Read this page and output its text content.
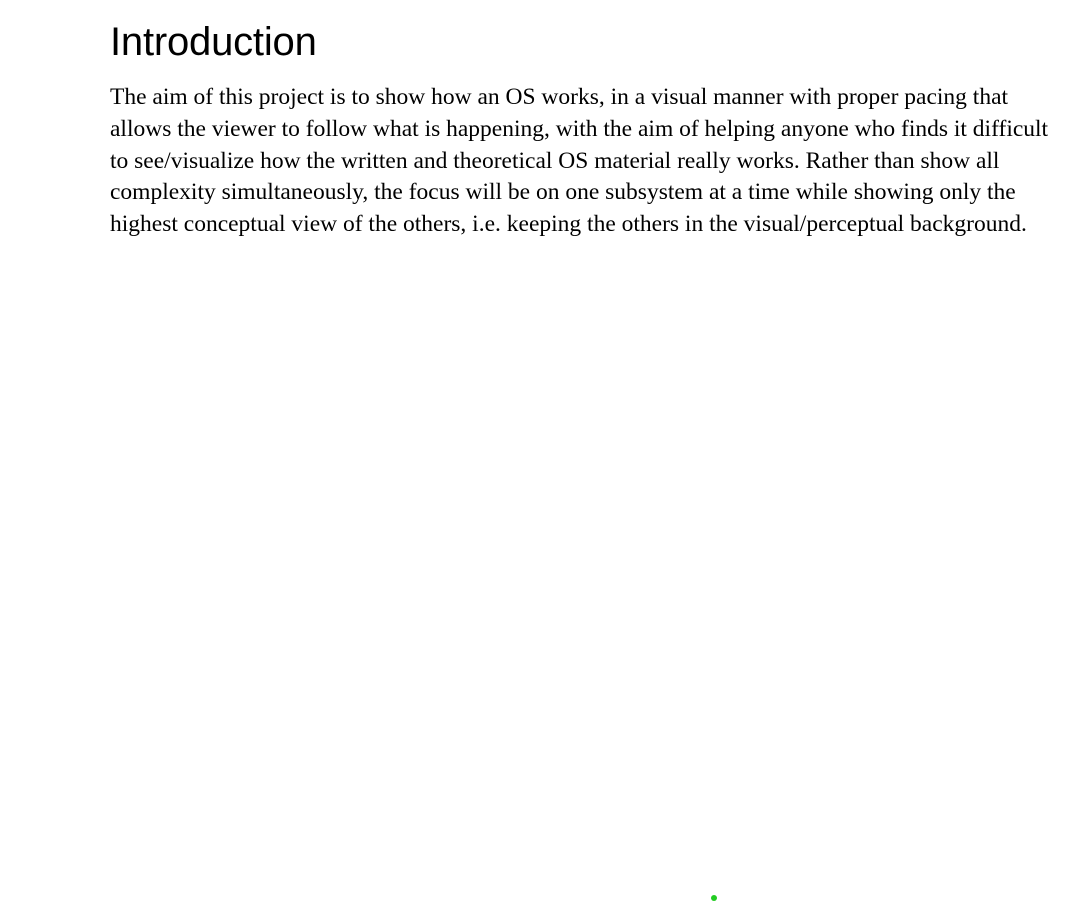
Introduction

The aim of this project is to show how an OS works, in a visual manner with proper pacing that allows the viewer to follow what is happening, with the aim of helping anyone who finds it difficult to see/visualize how the written and theoretical OS material really works. Rather than show all complexity simultaneously, the focus will be on one subsystem at a time while showing only the highest conceptual view of the others, i.e. keeping the others in the visual/perceptual background.
